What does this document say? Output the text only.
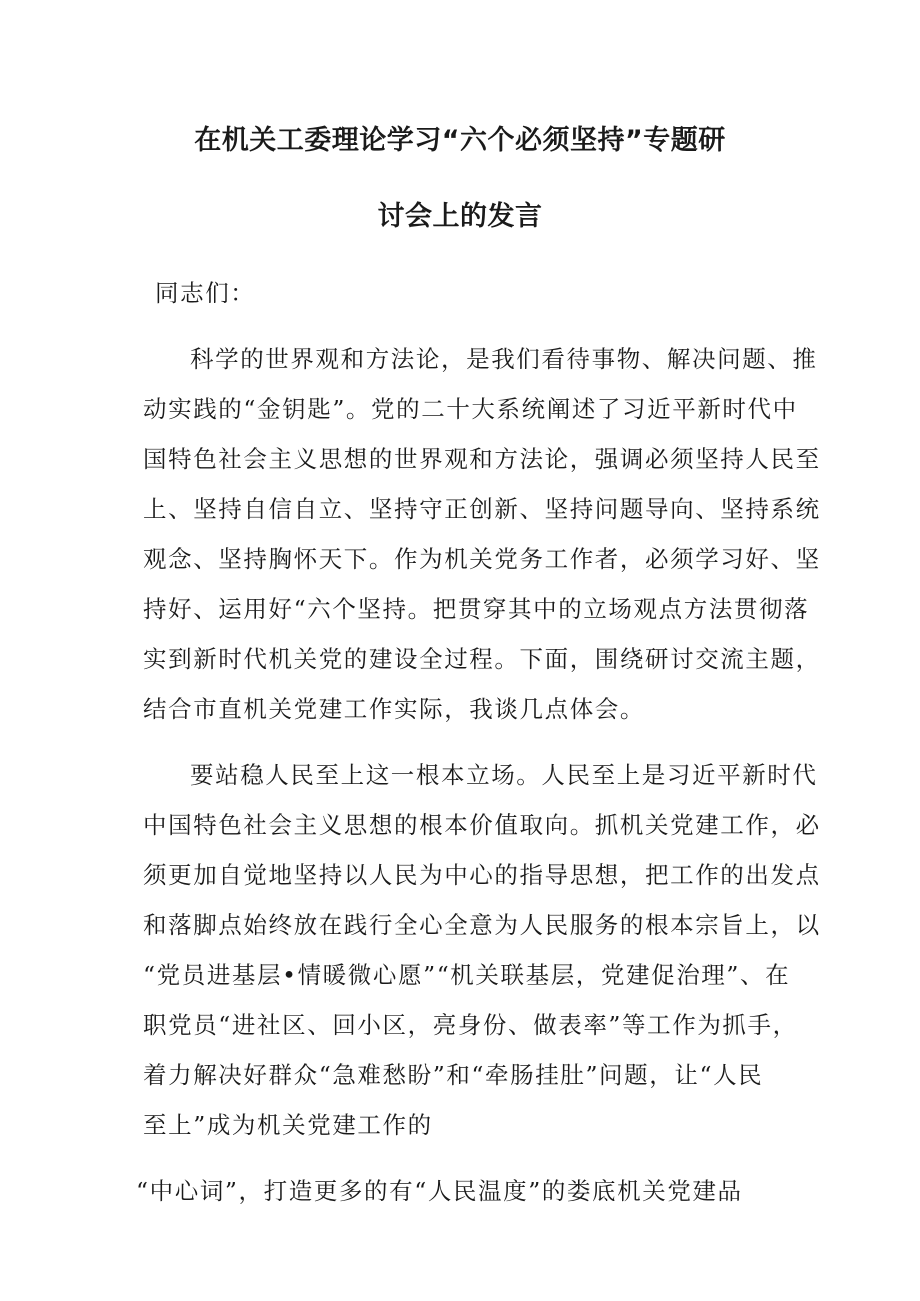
在机关工委理论学习“六个必须坚持”专题研
讨会上的发言
同志们：
科学的世界观和方法论，是我们看待事物、解决问题、推
动实践的“金钥匙”。党的二十大系统阐述了习近平新时代中
国特色社会主义思想的世界观和方法论，强调必须坚持人民至
上、坚持自信自立、坚持守正创新、坚持问题导向、坚持系统
观念、坚持胸怀天下。作为机关党务工作者，必须学习好、坚
持好、运用好“六个坚持。把贯穿其中的立场观点方法贯彻落
实到新时代机关党的建设全过程。下面，围绕研讨交流主题，
结合市直机关党建工作实际，我谈几点体会。
要站稳人民至上这一根本立场。人民至上是习近平新时代
中国特色社会主义思想的根本价值取向。抓机关党建工作，必
须更加自觉地坚持以人民为中心的指导思想，把工作的出发点
和落脚点始终放在践行全心全意为人民服务的根本宗旨上，以
“党员进基层•情暖微心愿”“机关联基层，党建促治理”、在
职党员“进社区、回小区，亮身份、做表率”等工作为抓手，
着力解决好群众“急难愁盼”和“牵肠挂肚”问题，让“人民
至上”成为机关党建工作的
“中心词”，打造更多的有“人民温度”的娄底机关党建品
